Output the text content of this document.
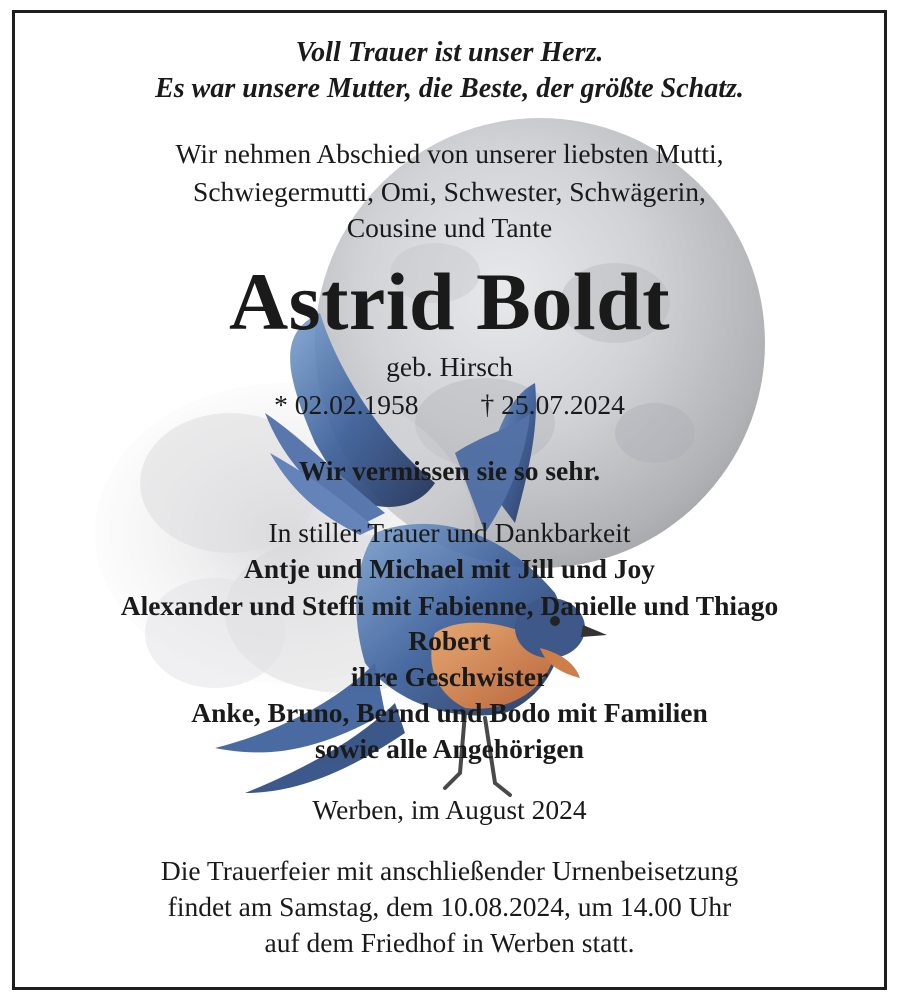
Voll Trauer ist unser Herz.
Es war unsere Mutter, die Beste, der größte Schatz.
Wir nehmen Abschied von unserer liebsten Mutti,
Schwiegermutti, Omi, Schwester, Schwägerin,
Cousine und Tante
Astrid Boldt
geb. Hirsch
* 02.02.1958 † 25.07.2024
Wir vermissen sie so sehr.
In stiller Trauer und Dankbarkeit
Antje und Michael mit Jill und Joy
Alexander und Steffi mit Fabienne, Danielle und Thiago
Robert
ihre Geschwister
Anke, Bruno, Bernd und Bodo mit Familien
sowie alle Angehörigen
Werben, im August 2024
Die Trauerfeier mit anschließender Urnenbeisetzung
findet am Samstag, dem 10.08.2024, um 14.00 Uhr
auf dem Friedhof in Werben statt.
